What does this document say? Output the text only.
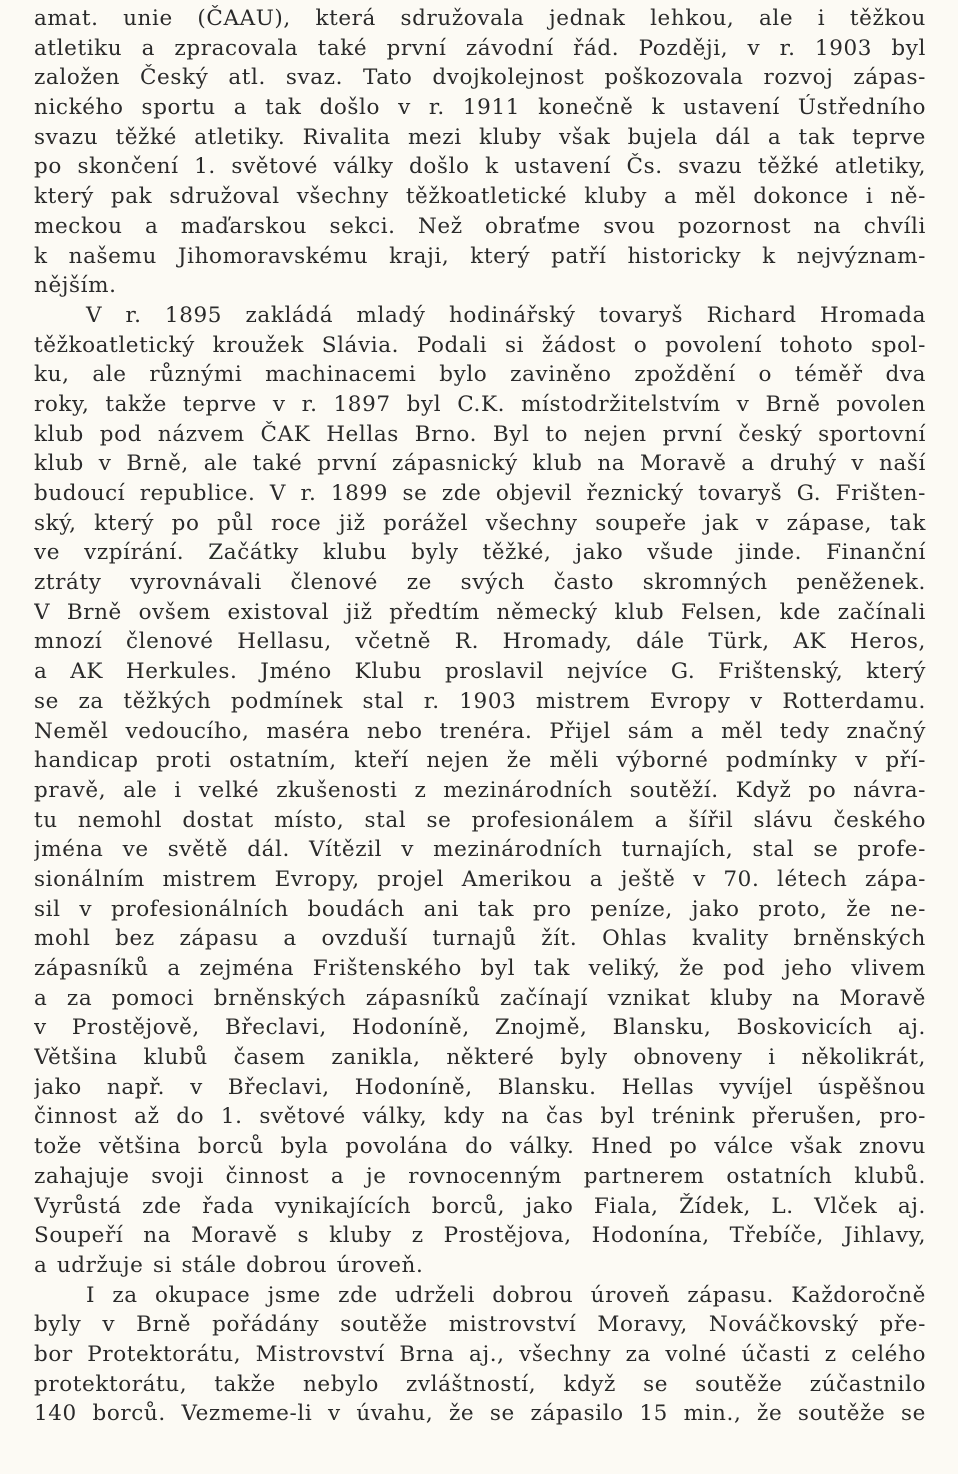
amat. unie (ČAAU), která sdružovala jednak lehkou, ale i těžkou
atletiku a zpracovala také první závodní řád. Později, v r. 1903 byl
založen Český atl. svaz. Tato dvojkolejnost poškozovala rozvoj zápas-
nického sportu a tak došlo v r. 1911 konečně k ustavení Ústředního
svazu těžké atletiky. Rivalita mezi kluby však bujela dál a tak teprve
po skončení 1. světové války došlo k ustavení Čs. svazu těžké atletiky,
který pak sdružoval všechny těžkoatletické kluby a měl dokonce i ně-
meckou a maďarskou sekci. Než obraťme svou pozornost na chvíli
k našemu Jihomoravskému kraji, který patří historicky k nejvýznam-
nějším.
V r. 1895 zakládá mladý hodinářský tovaryš Richard Hromada
těžkoatletický kroužek Slávia. Podali si žádost o povolení tohoto spol-
ku, ale různými machinacemi bylo zaviněno zpoždění o téměř dva
roky, takže teprve v r. 1897 byl C.K. místodržitelstvím v Brně povolen
klub pod názvem ČAK Hellas Brno. Byl to nejen první český sportovní
klub v Brně, ale také první zápasnický klub na Moravě a druhý v naší
budoucí republice. V r. 1899 se zde objevil řeznický tovaryš G. Frišten-
ský, který po půl roce již porážel všechny soupeře jak v zápase, tak
ve vzpírání. Začátky klubu byly těžké, jako všude jinde. Finanční
ztráty vyrovnávali členové ze svých často skromných peněženek.
V Brně ovšem existoval již předtím německý klub Felsen, kde začínali
mnozí členové Hellasu, včetně R. Hromady, dále Türk, AK Heros,
a AK Herkules. Jméno Klubu proslavil nejvíce G. Frištenský, který
se za těžkých podmínek stal r. 1903 mistrem Evropy v Rotterdamu.
Neměl vedoucího, maséra nebo trenéra. Přijel sám a měl tedy značný
handicap proti ostatním, kteří nejen že měli výborné podmínky v pří-
pravě, ale i velké zkušenosti z mezinárodních soutěží. Když po návra-
tu nemohl dostat místo, stal se profesionálem a šířil slávu českého
jména ve světě dál. Vítězil v mezinárodních turnajích, stal se profe-
sionálním mistrem Evropy, projel Amerikou a ještě v 70. létech zápa-
sil v profesionálních boudách ani tak pro peníze, jako proto, že ne-
mohl bez zápasu a ovzduší turnajů žít. Ohlas kvality brněnských
zápasníků a zejména Frištenského byl tak veliký, že pod jeho vlivem
a za pomoci brněnských zápasníků začínají vznikat kluby na Moravě
v Prostějově, Břeclavi, Hodoníně, Znojmě, Blansku, Boskovicích aj.
Většina klubů časem zanikla, některé byly obnoveny i několikrát,
jako např. v Břeclavi, Hodoníně, Blansku. Hellas vyvíjel úspěšnou
činnost až do 1. světové války, kdy na čas byl trénink přerušen, pro-
tože většina borců byla povolána do války. Hned po válce však znovu
zahajuje svoji činnost a je rovnocenným partnerem ostatních klubů.
Vyrůstá zde řada vynikajících borců, jako Fiala, Žídek, L. Vlček aj.
Soupeří na Moravě s kluby z Prostějova, Hodonína, Třebíče, Jihlavy,
a udržuje si stále dobrou úroveň.
I za okupace jsme zde udrželi dobrou úroveň zápasu. Každoročně
byly v Brně pořádány soutěže mistrovství Moravy, Nováčkovský pře-
bor Protektorátu, Mistrovství Brna aj., všechny za volné účasti z celého
protektorátu, takže nebylo zvláštností, když se soutěže zúčastnilo
140 borců. Vezmeme-li v úvahu, že se zápasilo 15 min., že soutěže se
